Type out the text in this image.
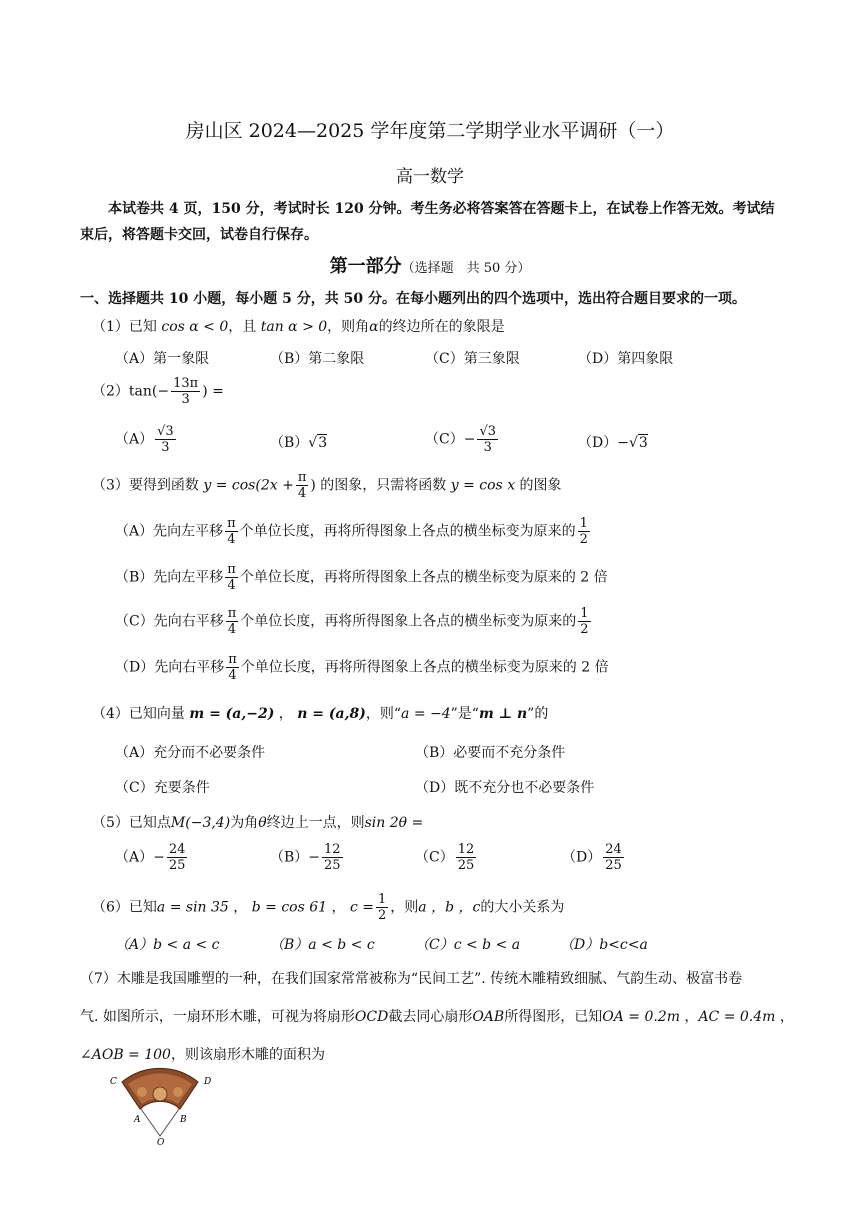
房山区 2024—2025 学年度第二学期学业水平调研（一）
高一数学
本试卷共 4 页，150 分，考试时长 120 分钟。考生务必将答案答在答题卡上，在试卷上作答无效。考试结束后，将答题卡交回，试卷自行保存。
第一部分（选择题　共 50 分）
一、选择题共 10 小题，每小题 5 分，共 50 分。在每小题列出的四个选项中，选出符合题目要求的一项。
（1）已知 cos α < 0，且 tan α > 0，则角α的终边所在的象限是
（A）第一象限	（B）第二象限	（C）第三象限	（D）第四象限
$(2)\tan(- \frac{13\pi}{3}$ ) =
$(A) \frac{√3}{3}$	（B）√3	$(C)- \frac{√3}{3}$	（D）−√3
（3）要得到函数 $y = \cos(2x + \frac{\pi}{4}$ ) 的图象，只需将函数 y = cos x 的图象
（A）先向左平移 $\frac{\pi}{4}$ 个单位长度，再将所得图象上各点的横坐标变为原来的 $\frac{1}{2}$
（B）先向左平移 $\frac{\pi}{4}$ 个单位长度，再将所得图象上各点的横坐标变为原来的 2 倍
（C）先向右平移 $\frac{\pi}{4}$ 个单位长度，再将所得图象上各点的横坐标变为原来的 $\frac{1}{2}$
（D）先向右平移 $\frac{\pi}{4}$ 个单位长度，再将所得图象上各点的横坐标变为原来的 2 倍
（4）已知向量 m = (a,−2) ， n = (a,8)，则“a = −4”是“m ⊥ n”的
（A）充分而不必要条件	（B）必要而不充分条件
（C）充要条件	（D）既不充分也不必要条件
（5）已知点M(−3,4)为角θ终边上一点，则sin 2θ =
$(A)- \frac{24}{25}$	$(B)- \frac{12}{25}$	$(C) \frac{12}{25}$	$(D) \frac{24}{25}$
（6）已知a = sin 35 ， b = cos 61 ， $c = \frac{1}{2}$ ，则a ，b ，c的大小关系为
（A）b < a < c	（B）a < b < c	（C）c < b < a	（D）b<c<a
（7）木雕是我国雕塑的一种，在我们国家常常被称为“民间工艺”. 传统木雕精致细腻、气韵生动、极富书卷
气. 如图所示，一扇环形木雕，可视为将扇形OCD截去同心扇形OAB所得图形，已知OA = 0.2m ，AC = 0.4m ，
∠AOB = 100，则该扇形木雕的面积为
C	D
A	B
O
